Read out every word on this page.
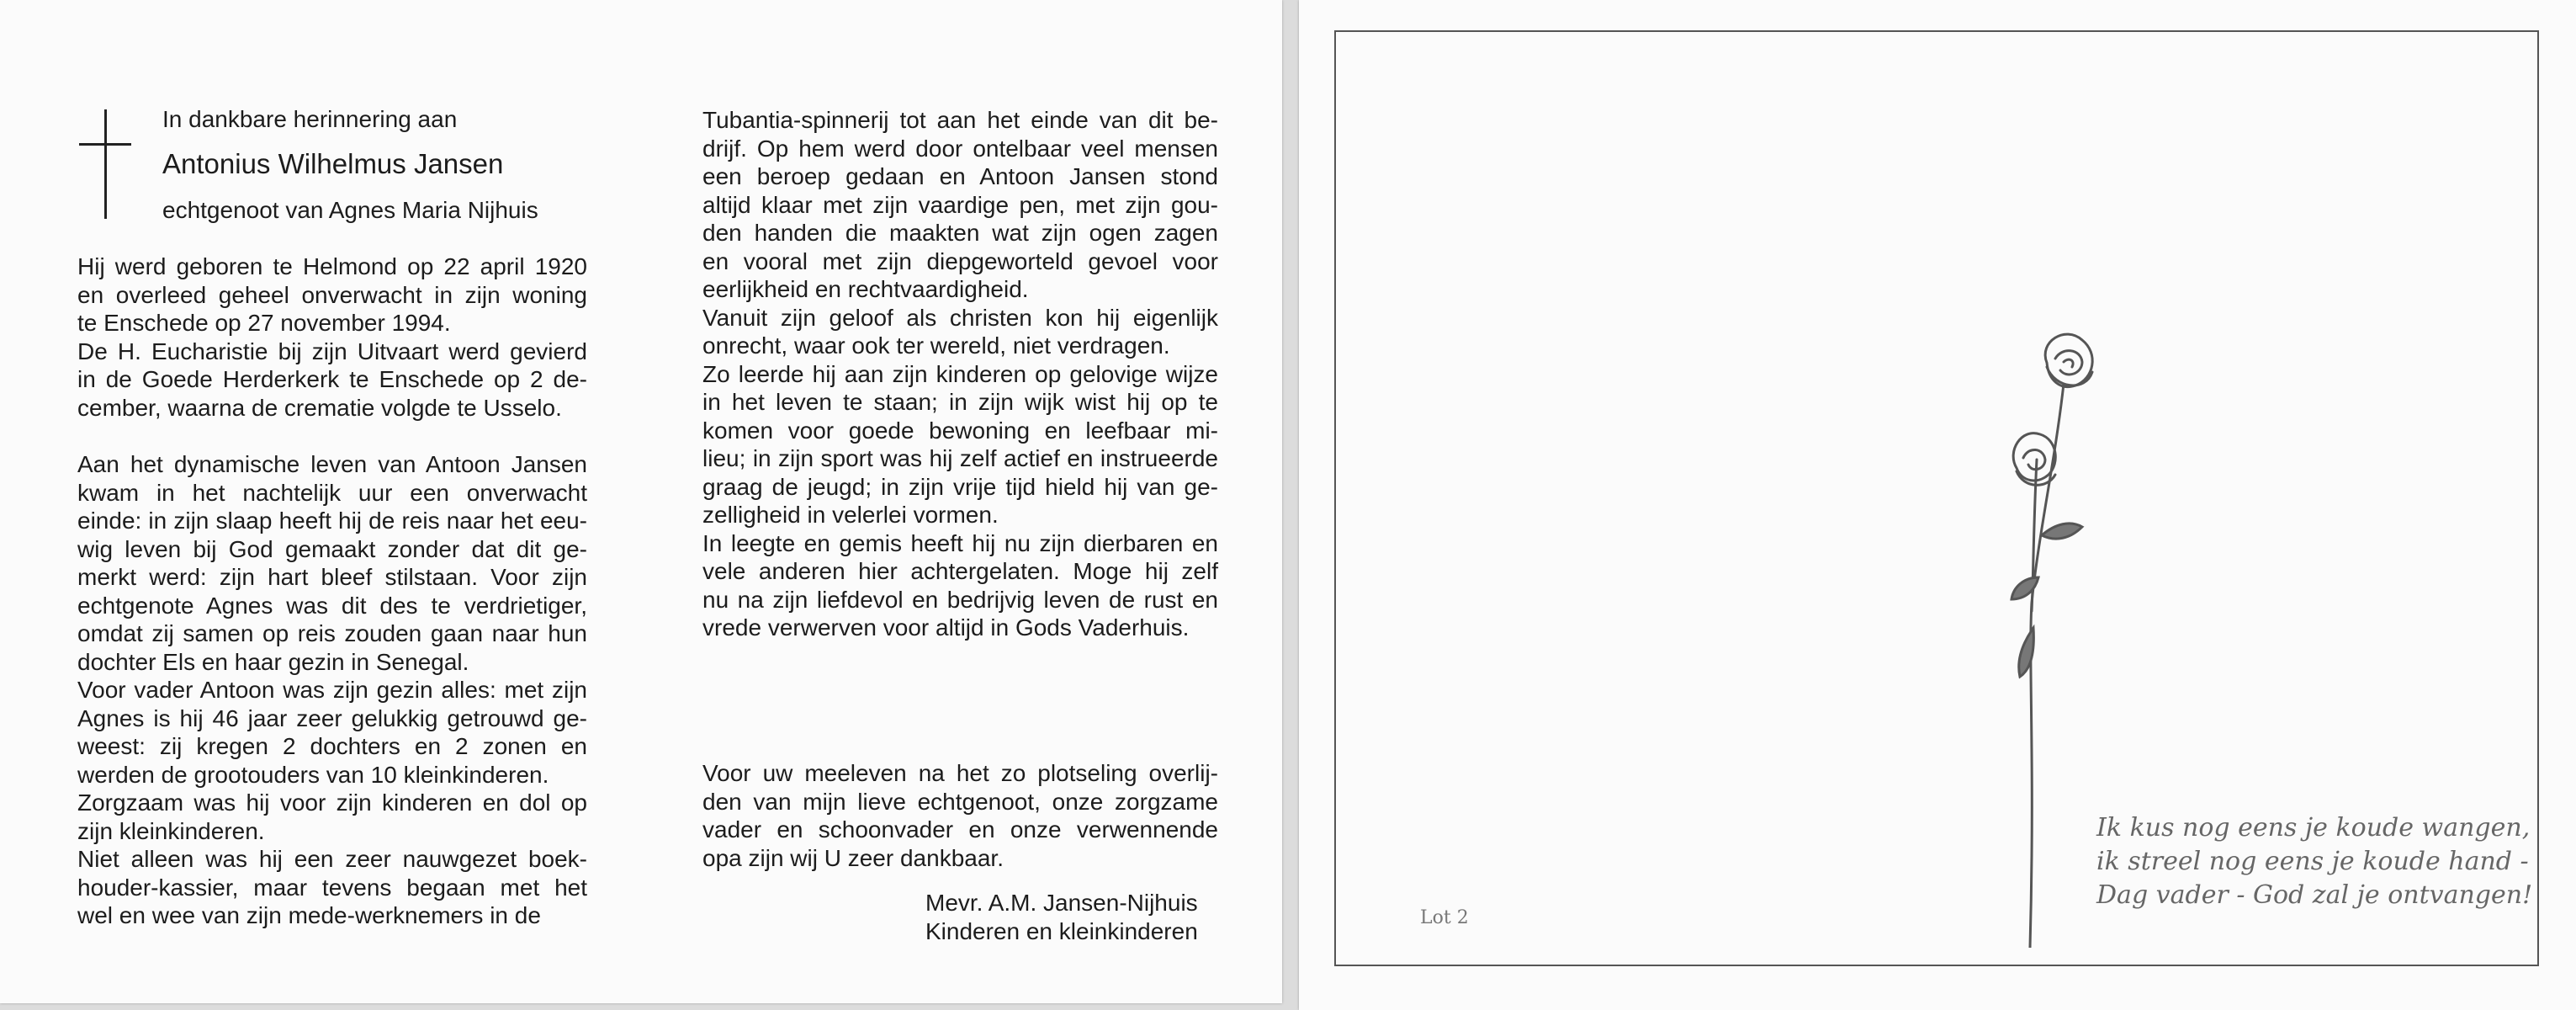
In dankbare herinnering aan
Antonius Wilhelmus Jansen
echtgenoot van Agnes Maria Nijhuis
Hij werd geboren te Helmond op 22 april 1920
en overleed geheel onverwacht in zijn woning
te Enschede op 27 november 1994.
De H. Eucharistie bij zijn Uitvaart werd gevierd
in de Goede Herderkerk te Enschede op 2 de-
cember, waarna de crematie volgde te Usselo.
Aan het dynamische leven van Antoon Jansen
kwam in het nachtelijk uur een onverwacht
einde: in zijn slaap heeft hij de reis naar het eeu-
wig leven bij God gemaakt zonder dat dit ge-
merkt werd: zijn hart bleef stilstaan. Voor zijn
echtgenote Agnes was dit des te verdrietiger,
omdat zij samen op reis zouden gaan naar hun
dochter Els en haar gezin in Senegal.
Voor vader Antoon was zijn gezin alles: met zijn
Agnes is hij 46 jaar zeer gelukkig getrouwd ge-
weest: zij kregen 2 dochters en 2 zonen en
werden de grootouders van 10 kleinkinderen.
Zorgzaam was hij voor zijn kinderen en dol op
zijn kleinkinderen.
Niet alleen was hij een zeer nauwgezet boek-
houder-kassier, maar tevens begaan met het
wel en wee van zijn mede-werknemers in de
Tubantia-spinnerij tot aan het einde van dit be-
drijf. Op hem werd door ontelbaar veel mensen
een beroep gedaan en Antoon Jansen stond
altijd klaar met zijn vaardige pen, met zijn gou-
den handen die maakten wat zijn ogen zagen
en vooral met zijn diepgeworteld gevoel voor
eerlijkheid en rechtvaardigheid.
Vanuit zijn geloof als christen kon hij eigenlijk
onrecht, waar ook ter wereld, niet verdragen.
Zo leerde hij aan zijn kinderen op gelovige wijze
in het leven te staan; in zijn wijk wist hij op te
komen voor goede bewoning en leefbaar mi-
lieu; in zijn sport was hij zelf actief en instrueerde
graag de jeugd; in zijn vrije tijd hield hij van ge-
zelligheid in velerlei vormen.
In leegte en gemis heeft hij nu zijn dierbaren en
vele anderen hier achtergelaten. Moge hij zelf
nu na zijn liefdevol en bedrijvig leven de rust en
vrede verwerven voor altijd in Gods Vaderhuis.
Voor uw meeleven na het zo plotseling overlij-
den van mijn lieve echtgenoot, onze zorgzame
vader en schoonvader en onze verwennende
opa zijn wij U zeer dankbaar.
Mevr. A.M. Jansen-Nijhuis
Kinderen en kleinkinderen
Lot 2
Ik kus nog eens je koude wangen,
ik streel nog eens je koude hand -
Dag vader - God zal je ontvangen!
